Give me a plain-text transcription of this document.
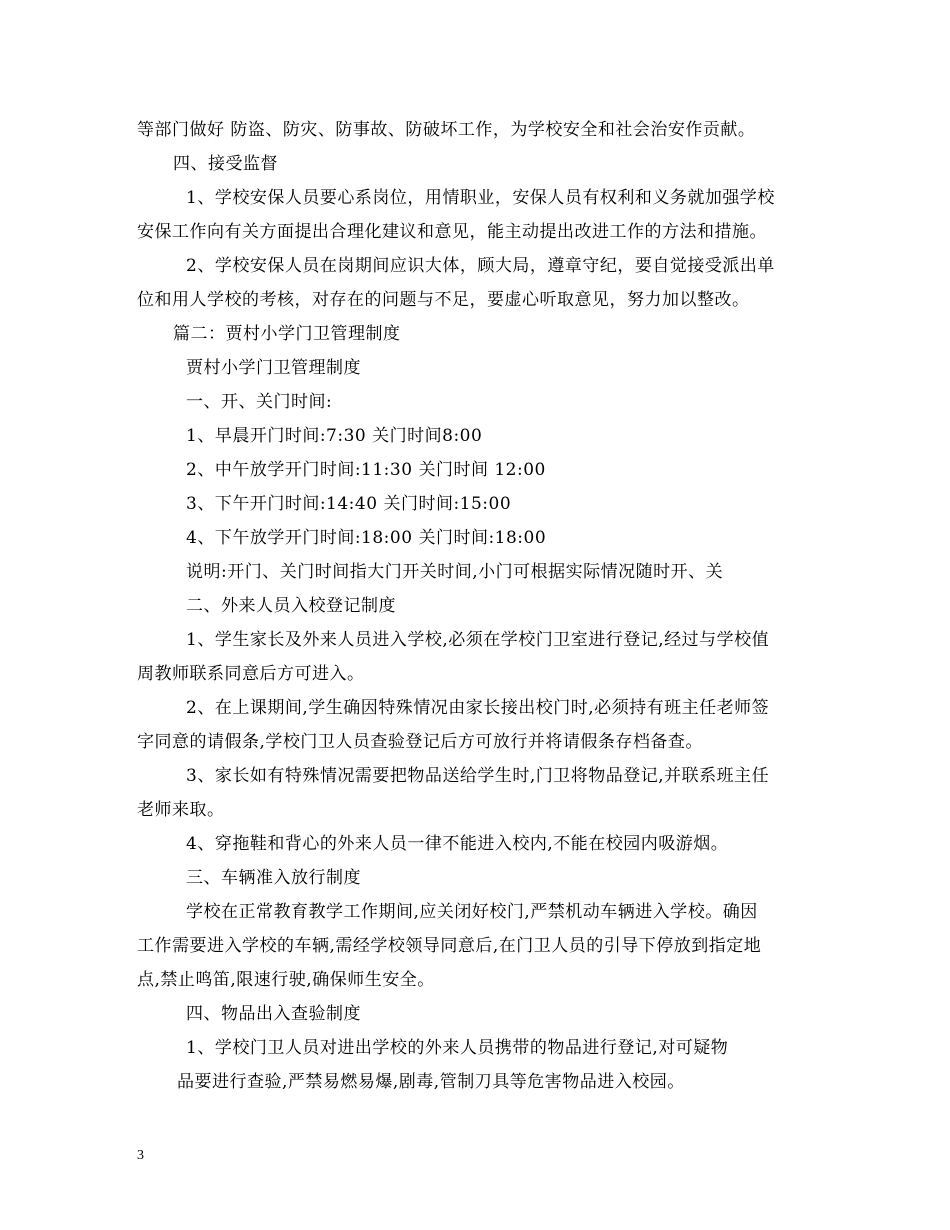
等部门做好 防盗、防灾、防事故、防破坏工作，为学校安全和社会治安作贡献。
四、接受监督
1、学校安保人员要心系岗位，用情职业，安保人员有权利和义务就加强学校
安保工作向有关方面提出合理化建议和意见，能主动提出改进工作的方法和措施。
2、学校安保人员在岗期间应识大体，顾大局，遵章守纪，要自觉接受派出单
位和用人学校的考核，对存在的问题与不足，要虚心听取意见，努力加以整改。
篇二：贾村小学门卫管理制度
贾村小学门卫管理制度
一、开、关门时间:
1、早晨开门时间:7:30 关门时间8:00
2、中午放学开门时间:11:30 关门时间 12:00
3、下午开门时间:14:40 关门时间:15:00
4、下午放学开门时间:18:00 关门时间:18:00
说明:开门、关门时间指大门开关时间,小门可根据实际情况随时开、关
二、外来人员入校登记制度
1、学生家长及外来人员进入学校,必须在学校门卫室进行登记,经过与学校值
周教师联系同意后方可进入。
2、在上课期间,学生确因特殊情况由家长接出校门时,必须持有班主任老师签
字同意的请假条,学校门卫人员查验登记后方可放行并将请假条存档备查。
3、家长如有特殊情况需要把物品送给学生时,门卫将物品登记,并联系班主任
老师来取。
4、穿拖鞋和背心的外来人员一律不能进入校内,不能在校园内吸游烟。
三、车辆准入放行制度
学校在正常教育教学工作期间,应关闭好校门,严禁机动车辆进入学校。确因
工作需要进入学校的车辆,需经学校领导同意后,在门卫人员的引导下停放到指定地
点,禁止鸣笛,限速行驶,确保师生安全。
四、物品出入查验制度
1、学校门卫人员对进出学校的外来人员携带的物品进行登记,对可疑物
品要进行查验,严禁易燃易爆,剧毒,管制刀具等危害物品进入校园。
3
